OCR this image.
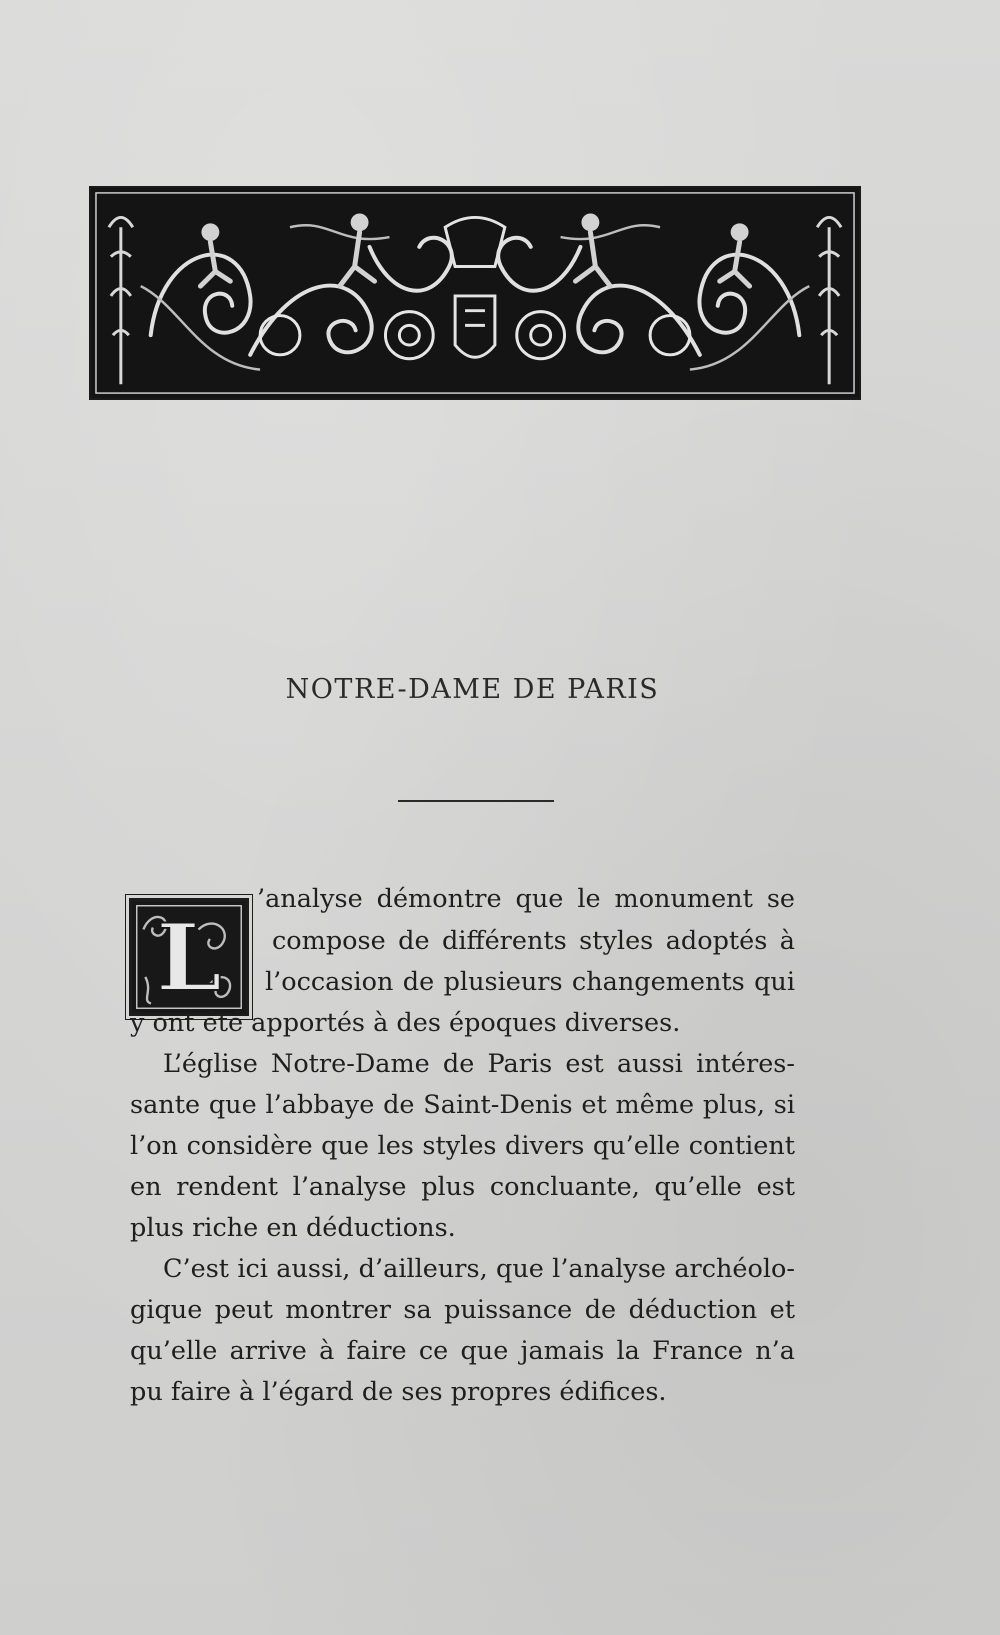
NOTRE-DAME DE PARIS
L
’analyse démontre que le monument se
compose de différents styles adoptés à
l’occasion de plusieurs changements qui
y ont été apportés à des époques diverses.
L’église Notre-Dame de Paris est aussi intéres-
sante que l’abbaye de Saint-Denis et même plus, si
l’on considère que les styles divers qu’elle contient
en rendent l’analyse plus concluante, qu’elle est
plus riche en déductions.
C’est ici aussi, d’ailleurs, que l’analyse archéolo-
gique peut montrer sa puissance de déduction et
qu’elle arrive à faire ce que jamais la France n’a
pu faire à l’égard de ses propres édifices.
